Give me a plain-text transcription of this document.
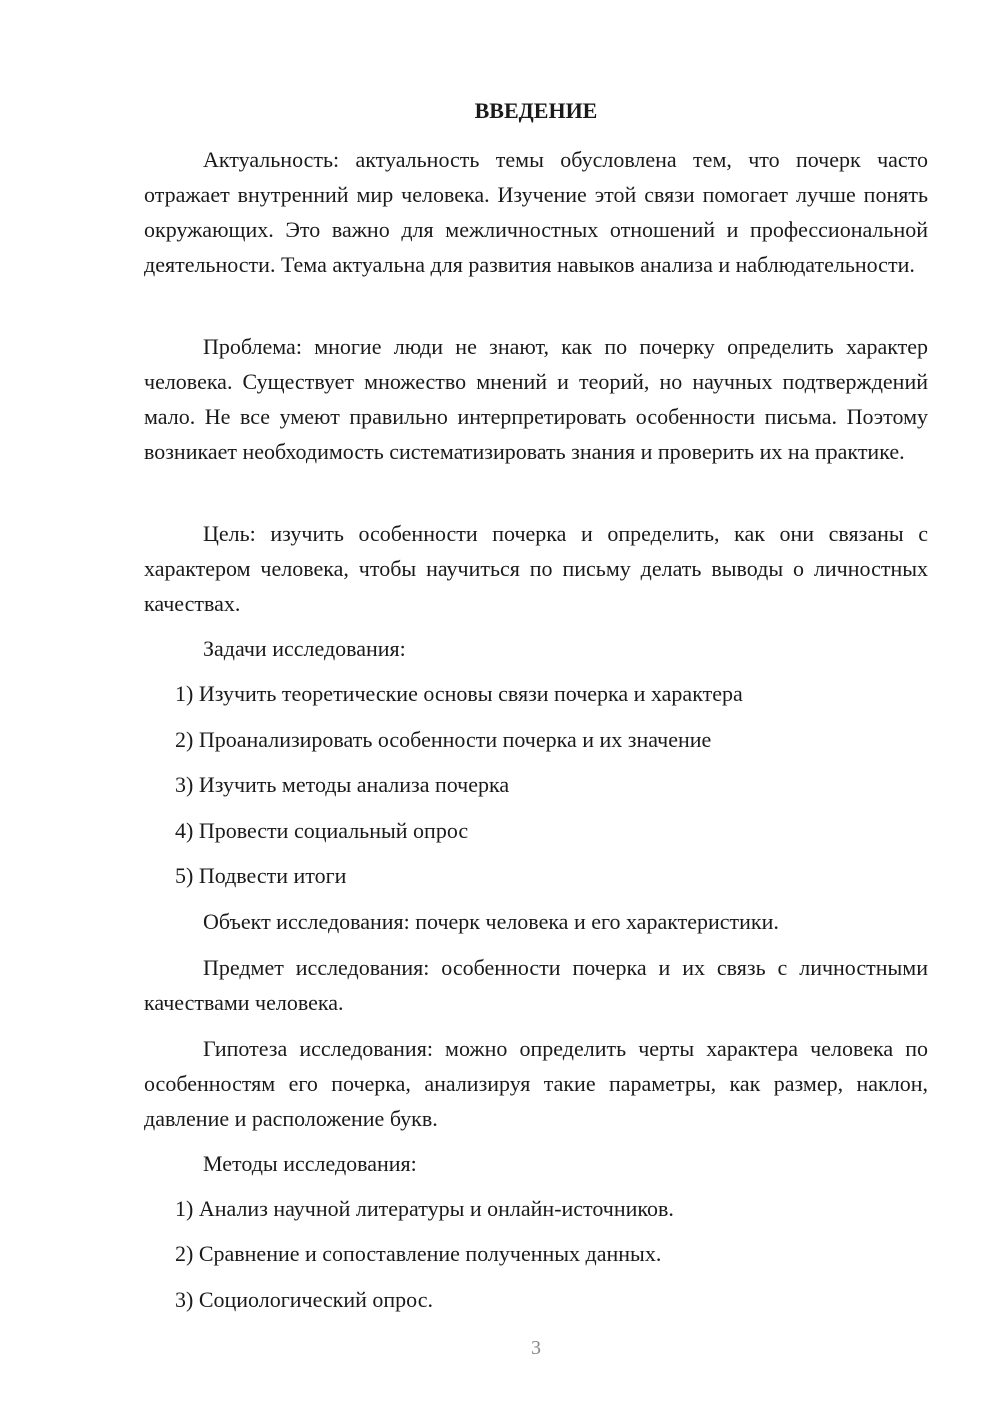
ВВЕДЕНИЕ

Актуальность: актуальность темы обусловлена тем, что почерк часто отражает внутренний мир человека. Изучение этой связи помогает лучше понять окружающих. Это важно для межличностных отношений и профессиональной деятельности. Тема актуальна для развития навыков анализа и наблюдательности.

Проблема: многие люди не знают, как по почерку определить характер человека. Существует множество мнений и теорий, но научных подтверждений мало. Не все умеют правильно интерпретировать особенности письма. Поэтому возникает необходимость систематизировать знания и проверить их на практике.

Цель: изучить особенности почерка и определить, как они связаны с характером человека, чтобы научиться по письму делать выводы о личностных качествах.

Задачи исследования:

1) Изучить теоретические основы связи почерка и характера

2) Проанализировать особенности почерка и их значение

3) Изучить методы анализа почерка

4) Провести социальный опрос

5) Подвести итоги

Объект исследования: почерк человека и его характеристики.

Предмет исследования: особенности почерка и их связь с личностными качествами человека.

Гипотеза исследования: можно определить черты характера человека по особенностям его почерка, анализируя такие параметры, как размер, наклон, давление и расположение букв.

Методы исследования:

1) Анализ научной литературы и онлайн-источников.

2) Сравнение и сопоставление полученных данных.

3) Социологический опрос.

3
